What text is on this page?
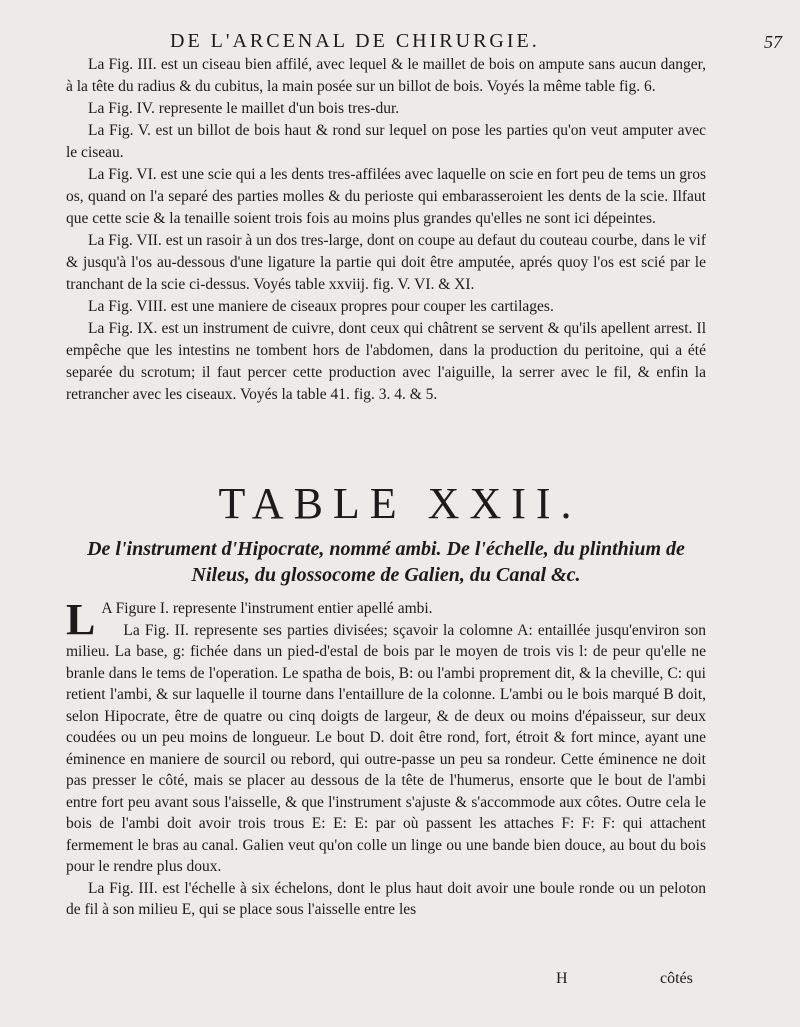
DE L'ARCENAL DE CHIRURGIE.	57

La Fig. III. est un ciseau bien affilé, avec lequel & le maillet de bois on ampute sans aucun danger, à la tête du radius & du cubitus, la main posée sur un billot de bois. Voyés la même table fig. 6.

La Fig. IV. represente le maillet d'un bois tres-dur.

La Fig. V. est un billot de bois haut & rond sur lequel on pose les parties qu'on veut amputer avec le ciseau.

La Fig. VI. est une scie qui a les dents tres-affilées avec laquelle on scie en fort peu de tems un gros os, quand on l'a separé des parties molles & du periostе qui embarasseroient les dents de la scie. Ilfaut que cette scie & la tenaille soient trois fois au moins plus grandes qu'elles ne sont ici dépeintes.

La Fig. VII. est un rasoir à un dos tres-large, dont on coupe au defaut du couteau courbe, dans le vif & jusqu'à l'os au-dessous d'une ligature la partie qui doit être amputée, aprés quoy l'os est scié par le tranchant de la scie ci-dessus. Voyés table xxviij. fig. V. VI. & XI.

La Fig. VIII. est une maniere de ciseaux propres pour couper les cartilages.

La Fig. IX. est un instrument de cuivre, dont ceux qui châtrent se servent & qu'ils apellent arrest. Il empêche que les intestins ne tombent hors de l'abdomen, dans la production du peritoine, qui a été separée du scrotum; il faut percer cette production avec l'aiguille, la serrer avec le fil, & enfin la retrancher avec les ciseaux. Voyés la table 41. fig. 3. 4. & 5.

TABLE XXII.
De l'instrument d'Hipocrate, nommé ambi. De l'échelle, du plinthium de Nileus, du glossocome de Galien, du Canal &c.

L A Figure I. represente l'instrument entier apellé ambi.

La Fig. II. represente ses parties divisées; sçavoir la colomne A: entaillée jusqu'environ son milieu. La base, g: fichée dans un pied-d'estal de bois par le moyen de trois vis l: de peur qu'elle ne branle dans le tems de l'operation. Le spatha de bois, B: ou l'ambi proprement dit, & la cheville, C: qui retient l'ambi, & sur laquelle il tourne dans l'entaillure de la colonne. L'ambi ou le bois marqué B doit, selon Hipocrate, être de quatre ou cinq doigts de largeur, & de deux ou moins d'épaisseur, sur deux coudées ou un peu moins de longueur. Le bout D. doit être rond, fort, étroit & fort mince, ayant une éminence en maniere de sourcil ou rebord, qui outre-passe un peu sa rondeur. Cette éminence ne doit pas presser le côté, mais se placer au dessous de la tête de l'humerus, ensorte que le bout de l'ambi entre fort peu avant sous l'aisselle, & que l'instrument s'ajuste & s'accommode aux côtes. Outre cela le bois de l'ambi doit avoir trois trous E: E: E: par où passent les attaches F: F: F: qui attachent fermement le bras au canal. Galien veut qu'on colle un linge ou une bande bien douce, au bout du bois pour le rendre plus doux.

La Fig. III. est l'échelle à six échelons, dont le plus haut doit avoir une boule ronde ou un peloton de fil à son milieu E, qui se place sous l'aisselle entre les

H	côtés
